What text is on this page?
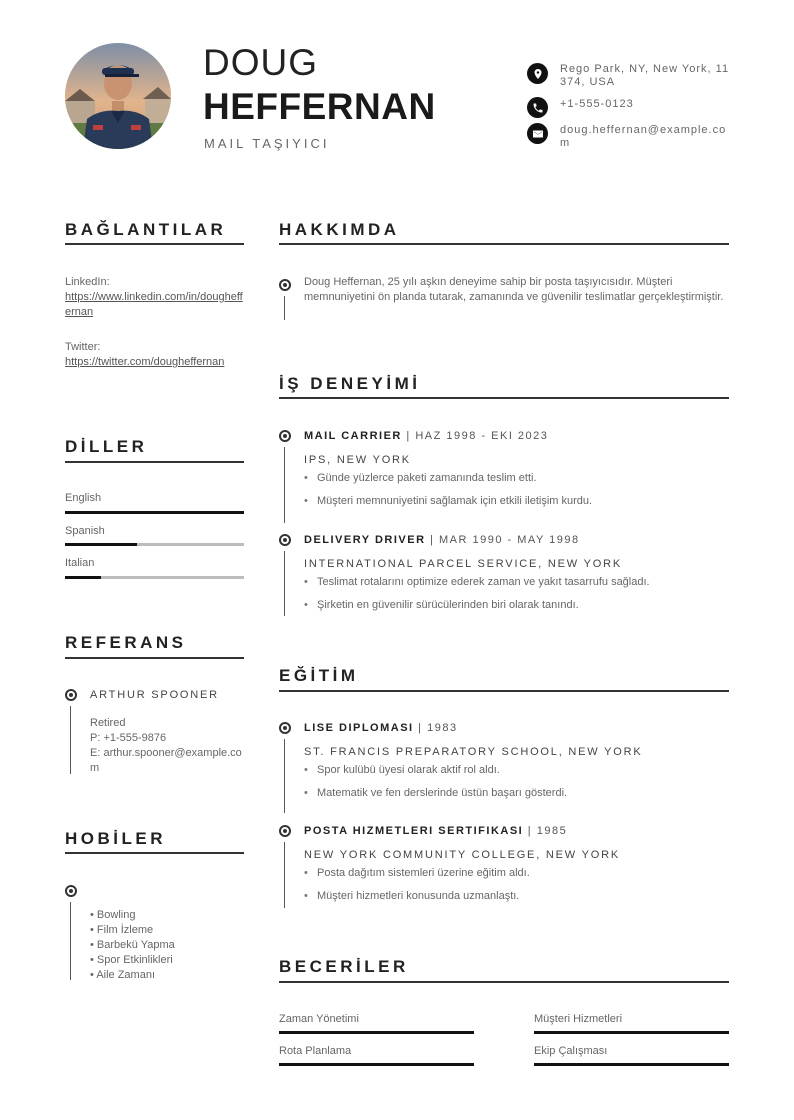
DOUG
HEFFERNAN
MAIL TAŞIYICI
Rego Park, NY, New York, 11374, USA
+1-555-0123
doug.heffernan@example.com
BAĞLANTILAR
LinkedIn:
https://www.linkedin.com/in/dougheffernan
Twitter:
https://twitter.com/dougheffernan
DİLLER
English
Spanish
Italian
REFERANS
ARTHUR SPOONER
Retired
P: +1-555-9876
E: arthur.spooner@example.com
HOBİLER
• Bowling
• Film İzleme
• Barbekü Yapma
• Spor Etkinlikleri
• Aile Zamanı
HAKKIMDA
Doug Heffernan, 25 yılı aşkın deneyime sahip bir posta taşıyıcısıdır. Müşteri memnuniyetini ön planda tutarak, zamanında ve güvenilir teslimatlar gerçekleştirmiştir.
İŞ DENEYİMİ
MAIL CARRIER | HAZ 1998 - EKI 2023
IPS, NEW YORK
• Günde yüzlerce paketi zamanında teslim etti.
• Müşteri memnuniyetini sağlamak için etkili iletişim kurdu.
DELIVERY DRIVER | MAR 1990 - MAY 1998
INTERNATIONAL PARCEL SERVICE, NEW YORK
• Teslimat rotalarını optimize ederek zaman ve yakıt tasarrufu sağladı.
• Şirketin en güvenilir sürücülerinden biri olarak tanındı.
EĞİTİM
LISE DIPLOMASI | 1983
ST. FRANCIS PREPARATORY SCHOOL, NEW YORK
• Spor kulübü üyesi olarak aktif rol aldı.
• Matematik ve fen derslerinde üstün başarı gösterdi.
POSTA HIZMETLERI SERTIFIKASI | 1985
NEW YORK COMMUNITY COLLEGE, NEW YORK
• Posta dağıtım sistemleri üzerine eğitim aldı.
• Müşteri hizmetleri konusunda uzmanlaştı.
BECERİLER
Zaman Yönetimi	Müşteri Hizmetleri
Rota Planlama	Ekip Çalışması
